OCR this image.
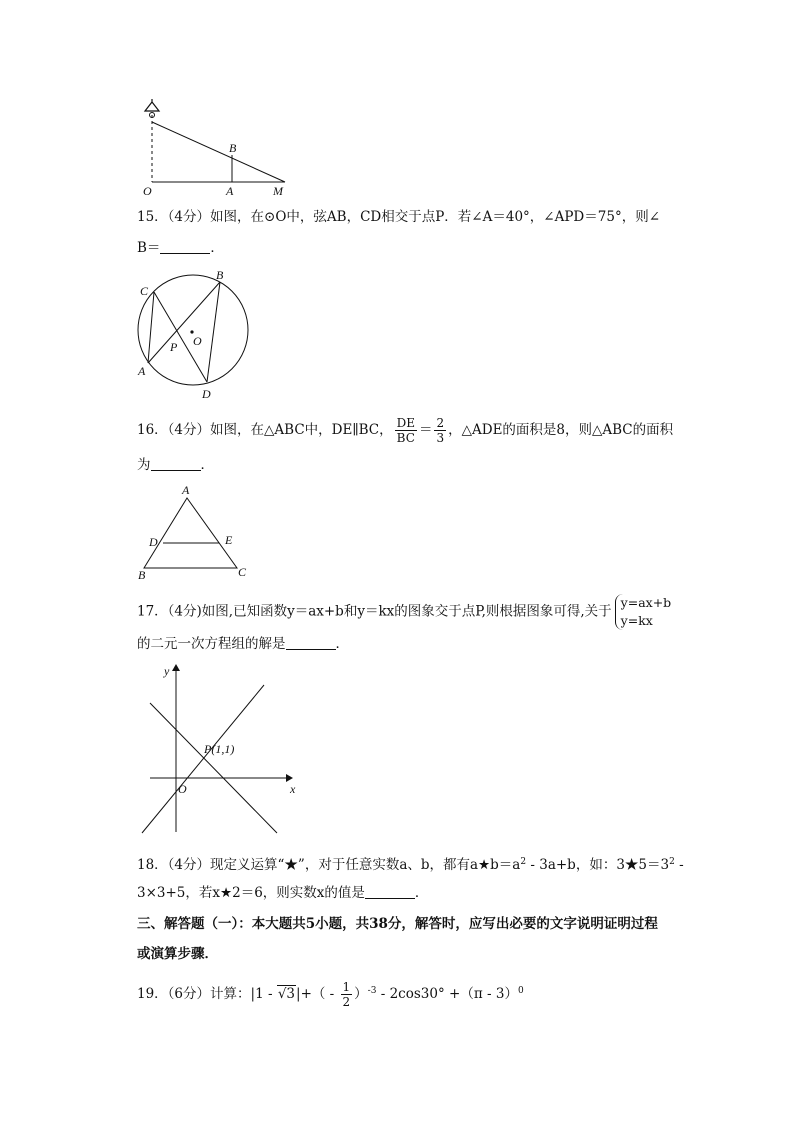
B
O	A	M
15．（4分）如图，在⊙O中，弦AB，CD相交于点P．若∠A＝40°，∠APD＝75°，则∠
B＝	．
C
B
O
P
A
D
16．（4分）如图，在△ABC中，DE∥BC， $\frac{DE}{BC} = \frac{2}{3}$ ，△ADE的面积是8，则△ABC的面积
为	．
A
D	E
B	C
17．（4分)如图,已知函数y＝ax+b和y＝kx的图象交于点P,则根据图象可得,关于
y=ax+b
y=kx
的二元一次方程组的解是	．
y
P(1,1)
O	x
18．（4分）现定义运算“★”，对于任意实数a、b，都有$a★b=a^2 - 3a+b$，如：$3★5=3^2$ -
3×3+5，若x★2＝6，则实数x的值是	．
三、解答题（一）：本大题共5小题，共38分，解答时，应写出必要的文字说明证明过程
或演算步骤．
19．（6分）计算：$|1 - √3|+( - \frac{1}{2} )^{-3} - 2\cos 30^\circ +(\pi - 3)^0$
